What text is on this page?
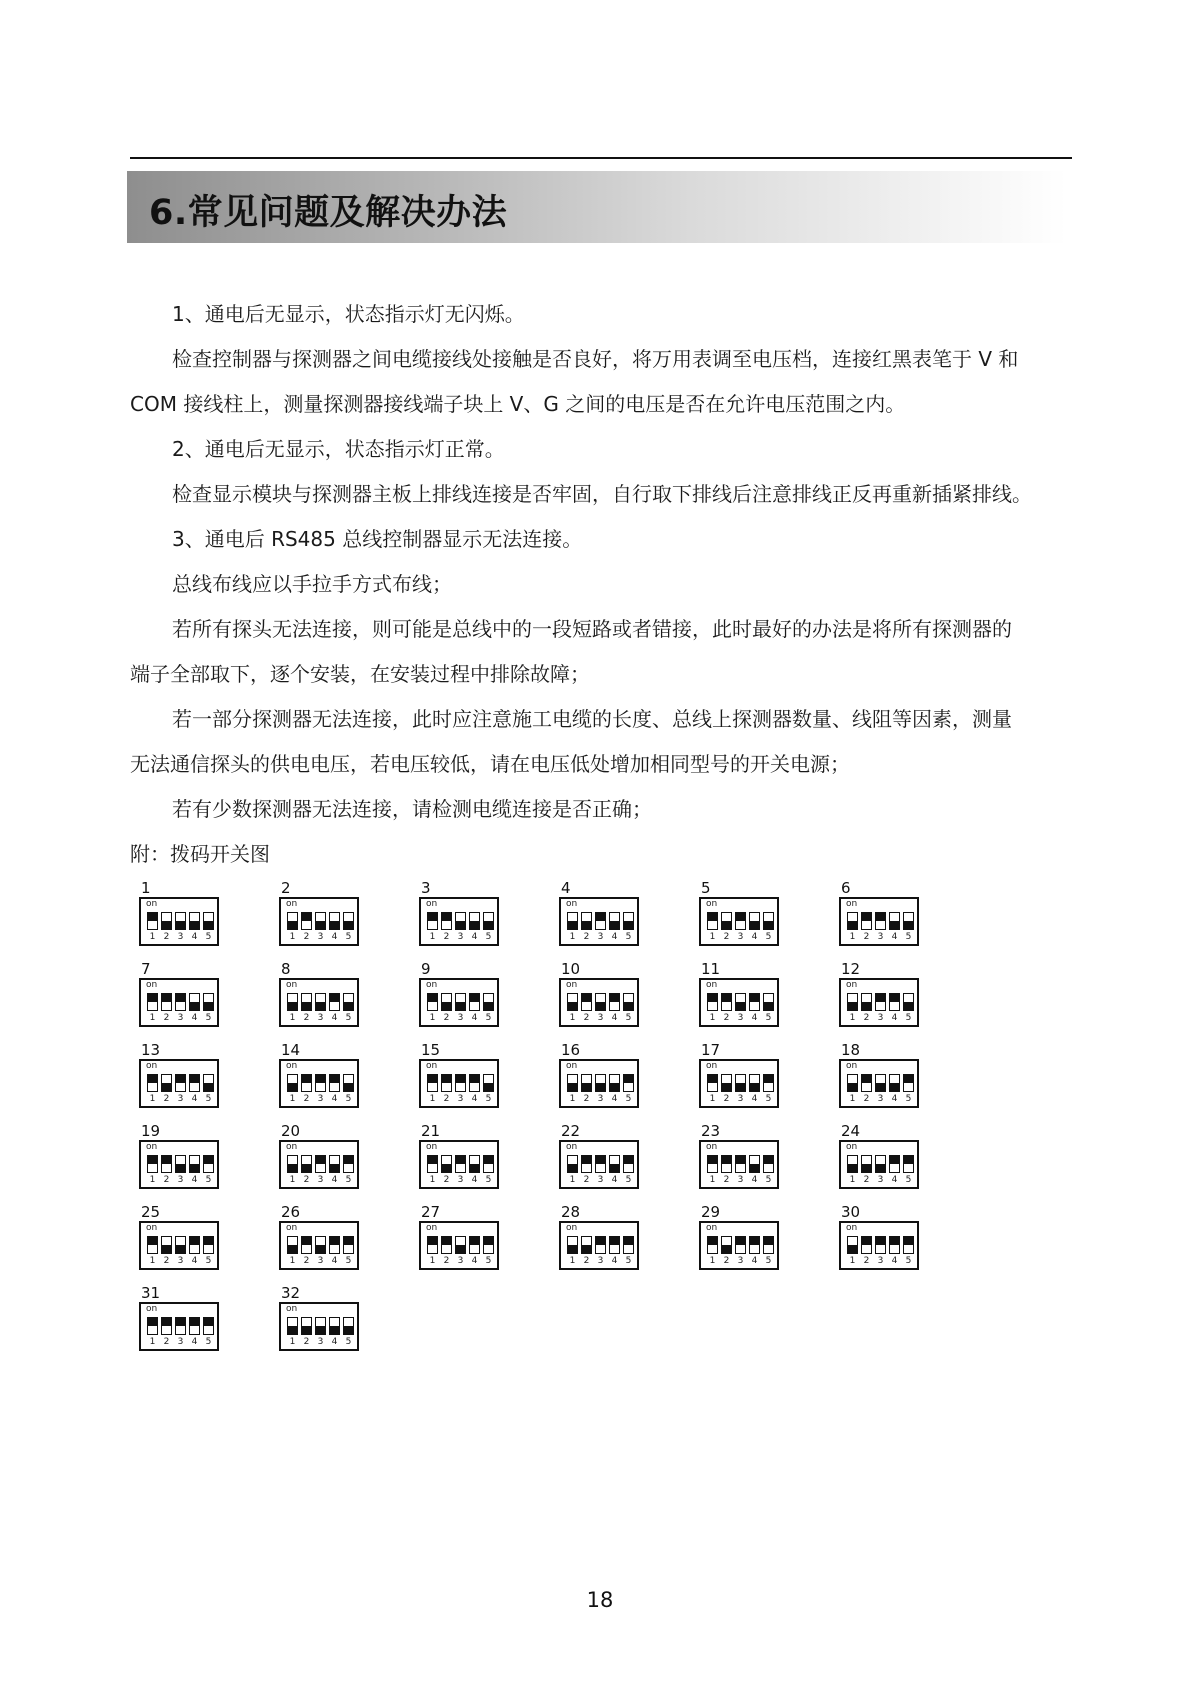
6.常见问题及解决办法

1、通电后无显示，状态指示灯无闪烁。

检查控制器与探测器之间电缆接线处接触是否良好，将万用表调至电压档，连接红黑表笔于 V 和

COM 接线柱上，测量探测器接线端子块上 V、G 之间的电压是否在允许电压范围之内。

2、通电后无显示，状态指示灯正常。

检查显示模块与探测器主板上排线连接是否牢固，自行取下排线后注意排线正反再重新插紧排线。

3、通电后 RS485 总线控制器显示无法连接。

总线布线应以手拉手方式布线；

若所有探头无法连接，则可能是总线中的一段短路或者错接，此时最好的办法是将所有探测器的

端子全部取下，逐个安装，在安装过程中排除故障；

若一部分探测器无法连接，此时应注意施工电缆的长度、总线上探测器数量、线阻等因素，测量

无法通信探头的供电电压，若电压较低，请在电压低处增加相同型号的开关电源；

若有少数探测器无法连接，请检测电缆连接是否正确；

附：拨码开关图

1
on
1 2 3 4 5
2
on
1 2 3 4 5
3
on
1 2 3 4 5
4
on
1 2 3 4 5
5
on
1 2 3 4 5
6
on
1 2 3 4 5
7
on
1 2 3 4 5
8
on
1 2 3 4 5
9
on
1 2 3 4 5
10
on
1 2 3 4 5
11
on
1 2 3 4 5
12
on
1 2 3 4 5
13
on
1 2 3 4 5
14
on
1 2 3 4 5
15
on
1 2 3 4 5
16
on
1 2 3 4 5
17
on
1 2 3 4 5
18
on
1 2 3 4 5
19
on
1 2 3 4 5
20
on
1 2 3 4 5
21
on
1 2 3 4 5
22
on
1 2 3 4 5
23
on
1 2 3 4 5
24
on
1 2 3 4 5
25
on
1 2 3 4 5
26
on
1 2 3 4 5
27
on
1 2 3 4 5
28
on
1 2 3 4 5
29
on
1 2 3 4 5
30
on
1 2 3 4 5
31
on
1 2 3 4 5
32
on
1 2 3 4 5
18
